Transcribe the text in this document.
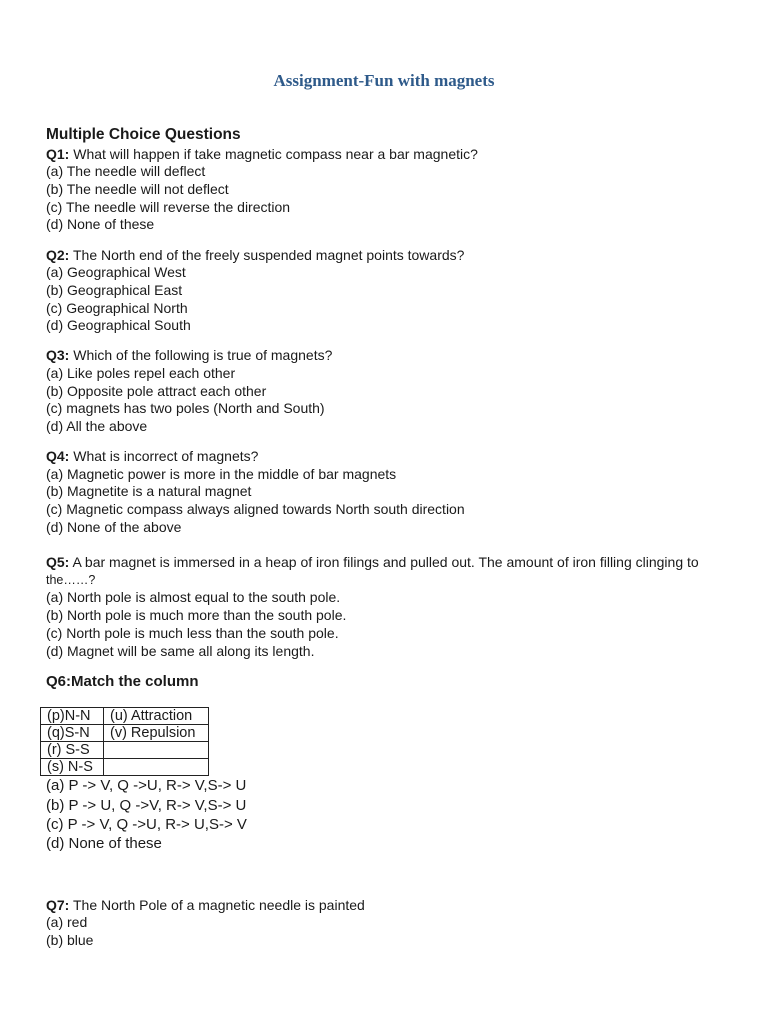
Assignment-Fun with magnets
Multiple Choice Questions
Q1: What will happen if take magnetic compass near a bar magnetic?
(a) The needle will deflect
(b) The needle will not deflect
(c) The needle will reverse the direction
(d) None of these
Q2: The North end of the freely suspended magnet points towards?
(a) Geographical West
(b) Geographical East
(c) Geographical North
(d) Geographical South
Q3: Which of the following is true of magnets?
(a) Like poles repel each other
(b) Opposite pole attract each other
(c) magnets has two poles (North and South)
(d) All the above
Q4: What is incorrect of magnets?
(a) Magnetic power is more in the middle of bar magnets
(b) Magnetite is a natural magnet
(c) Magnetic compass always aligned towards North south direction
(d) None of the above
Q5: A bar magnet is immersed in a heap of iron filings and pulled out. The amount of iron filling clinging to
the……?
(a) North pole is almost equal to the south pole.
(b) North pole is much more than the south pole.
(c) North pole is much less than the south pole.
(d) Magnet will be same all along its length.
Q6:Match the column
(p)N-N	(u) Attraction
(q)S-N	(v) Repulsion
(r) S-S	
(s) N-S	
(a) P -> V, Q ->U, R-> V,S-> U
(b) P -> U, Q ->V, R-> V,S-> U
(c) P -> V, Q ->U, R-> U,S-> V
(d) None of these
Q7: The North Pole of a magnetic needle is painted
(a) red
(b) blue
